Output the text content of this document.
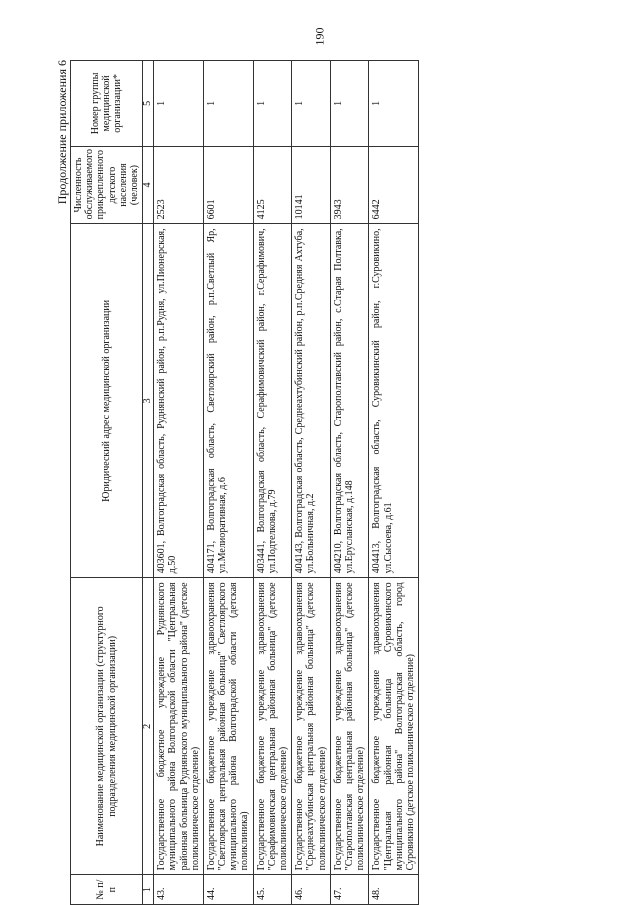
190
Продолжение приложения 6
№ п/п	Наименование медицинской организации (структурного подразделения медицинской организации)	Юридический адрес медицинской организации	Численность обслуживаемого прикрепленного детского населения (человек)	Номер группы медицинской организации*
1	2	3	4	5
43.	Государственное бюджетное учреждение Руднянского муниципального района Волгоградской области "Центральная районная больница Руднянского муниципального района" (детское поликлиническое отделение)	403601, Волгоградская область, Руднянский район, р.п.Рудня, ул.Пионерская, д.50	2523	1
44.	Государственное бюджетное учреждение здравоохранения "Светлоярская центральная районная больница" Светлоярского муниципального района Волгоградской области (детская поликлиника)	404171, Волгоградская область, Светлоярский район, р.п.Светлый Яр, ул.Мелиоративная, д.6	6601	1
45.	Государственное бюджетное учреждение здравоохранения "Серафимовичская центральная районная больница" (детское поликлиническое отделение)	403441, Волгоградская область, Серафимовичский район, г.Серафимович, ул.Подтелкова, д.79	4125	1
46.	Государственное бюджетное учреждение здравоохранения "Среднеахтубинская центральная районная больница" (детское поликлиническое отделение)	404143, Волгоградская область, Среднеахтубинский район, р.п.Средняя Ахтуба, ул.Больничная, д.2	10141	1
47.	Государственное бюджетное учреждение здравоохранения "Старополтавская центральная районная больница" (детское поликлиническое отделение)	404210, Волгоградская область, Старополтавский район, с.Старая Полтавка, ул.Ерусланская, д.148	3943	1
48.	Государственное бюджетное учреждение здравоохранения "Центральная районная больница Суровикинского муниципального района" Волгоградская область, город Суровикино (детское поликлиническое отделение)	404413, Волгоградская область, Суровикинский район, г.Суровикино, ул.Сысоева, д.61	6442	1
